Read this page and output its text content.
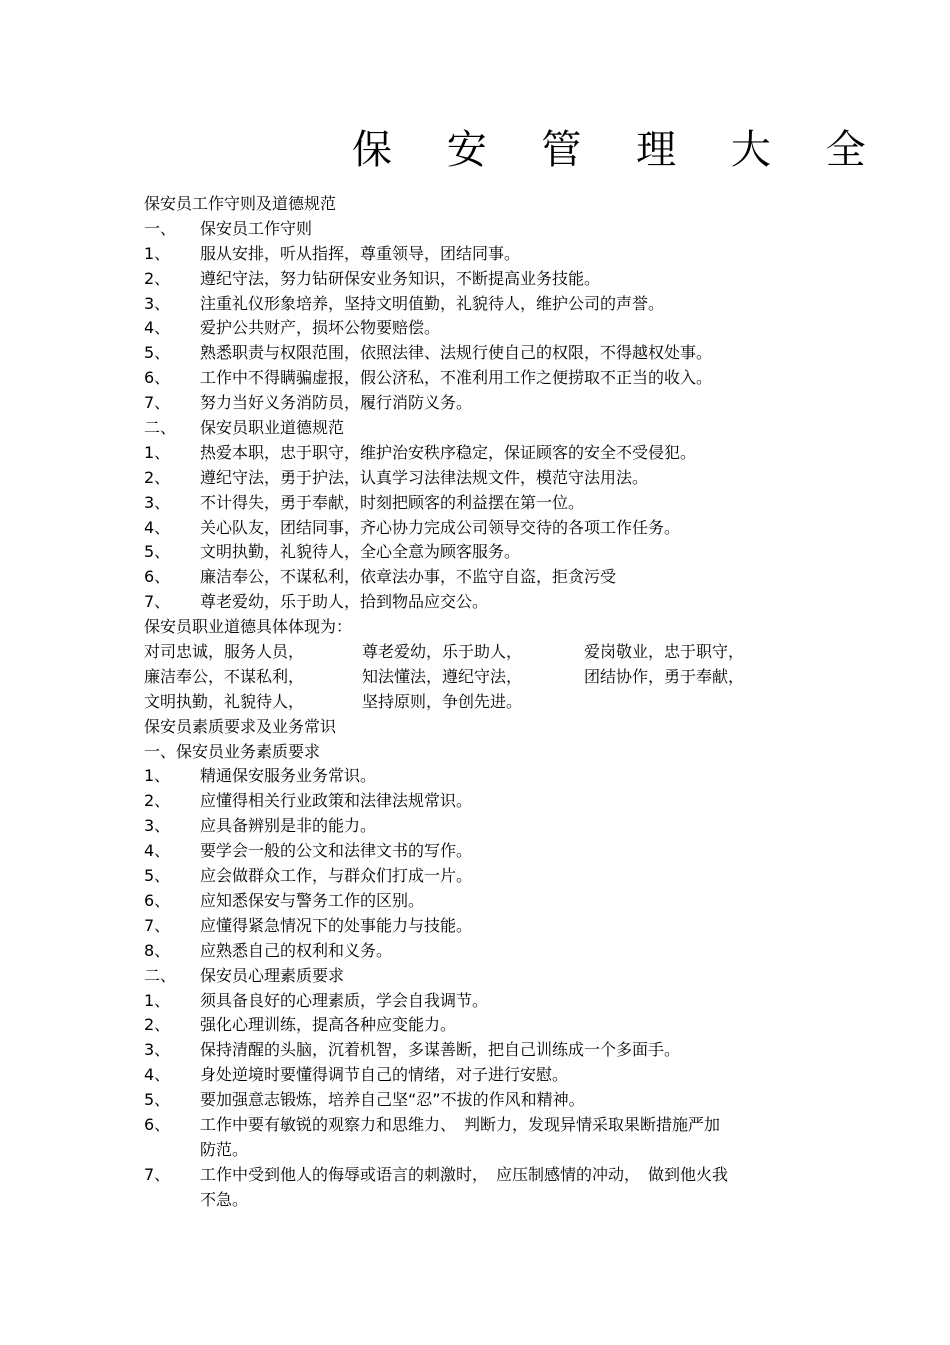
保 安 管 理 大 全
保安员工作守则及道德规范
一、 保安员工作守则
1、 服从安排，听从指挥，尊重领导，团结同事。
2、 遵纪守法，努力钻研保安业务知识，不断提高业务技能。
3、 注重礼仪形象培养，坚持文明值勤，礼貌待人，维护公司的声誉。
4、 爱护公共财产，损坏公物要赔偿。
5、 熟悉职责与权限范围，依照法律、法规行使自己的权限，不得越权处事。
6、 工作中不得瞒骗虚报，假公济私，不准利用工作之便捞取不正当的收入。
7、 努力当好义务消防员，履行消防义务。
二、 保安员职业道德规范
1、 热爱本职，忠于职守，维护治安秩序稳定，保证顾客的安全不受侵犯。
2、 遵纪守法，勇于护法，认真学习法律法规文件，模范守法用法。
3、 不计得失，勇于奉献，时刻把顾客的利益摆在第一位。
4、 关心队友，团结同事，齐心协力完成公司领导交待的各项工作任务。
5、 文明执勤，礼貌待人，全心全意为顾客服务。
6、 廉洁奉公，不谋私利，依章法办事，不监守自盗，拒贪污受
7、 尊老爱幼，乐于助人，拾到物品应交公。
保安员职业道德具体体现为：
对司忠诚，服务人员，	尊老爱幼，乐于助人，	爱岗敬业，忠于职守，
廉洁奉公，不谋私利，	知法懂法，遵纪守法，	团结协作，勇于奉献，
文明执勤，礼貌待人，	坚持原则，争创先进。
保安员素质要求及业务常识
一、保安员业务素质要求
1、 精通保安服务业务常识。
2、 应懂得相关行业政策和法律法规常识。
3、 应具备辨别是非的能力。
4、 要学会一般的公文和法律文书的写作。
5、 应会做群众工作，与群众们打成一片。
6、 应知悉保安与警务工作的区别。
7、 应懂得紧急情况下的处事能力与技能。
8、 应熟悉自己的权利和义务。
二、 保安员心理素质要求
1、 须具备良好的心理素质，学会自我调节。
2、 强化心理训练，提高各种应变能力。
3、 保持清醒的头脑，沉着机智，多谋善断，把自己训练成一个多面手。
4、 身处逆境时要懂得调节自己的情绪，对子进行安慰。
5、 要加强意志锻炼，培养自己坚“忍”不拔的作风和精神。
6、 工作中要有敏锐的观察力和思维力、　判断力，发现异情采取果断措施严加
防范。
7、 工作中受到他人的侮辱或语言的刺激时，　应压制感情的冲动，　做到他火我
不急。
